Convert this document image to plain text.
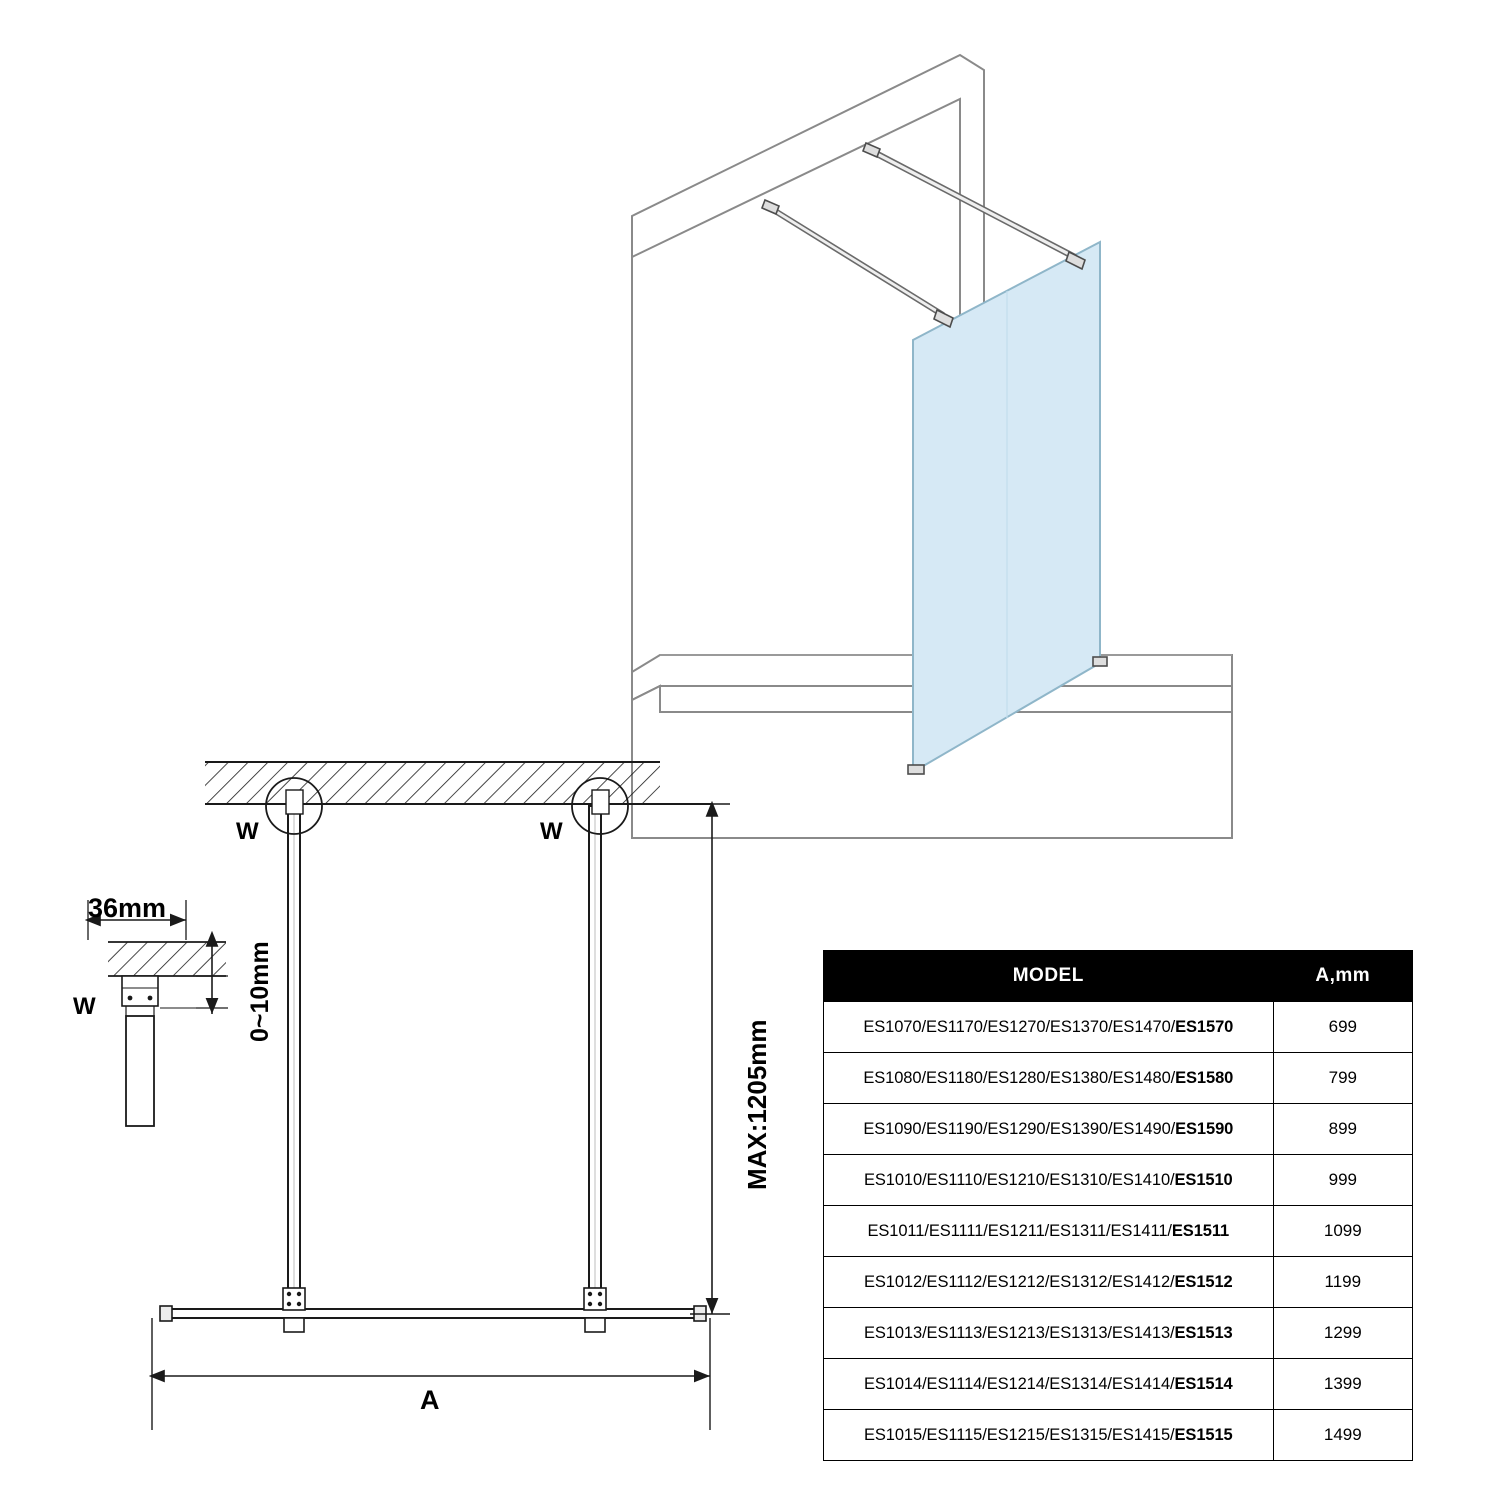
36mm
0~10mm
W
W	W
MAX:1205mm
A
MODEL	A,mm
ES1070/ES1170/ES1270/ES1370/ES1470/ES1570	699
ES1080/ES1180/ES1280/ES1380/ES1480/ES1580	799
ES1090/ES1190/ES1290/ES1390/ES1490/ES1590	899
ES1010/ES1110/ES1210/ES1310/ES1410/ES1510	999
ES1011/ES1111/ES1211/ES1311/ES1411/ES1511	1099
ES1012/ES1112/ES1212/ES1312/ES1412/ES1512	1199
ES1013/ES1113/ES1213/ES1313/ES1413/ES1513	1299
ES1014/ES1114/ES1214/ES1314/ES1414/ES1514	1399
ES1015/ES1115/ES1215/ES1315/ES1415/ES1515	1499
